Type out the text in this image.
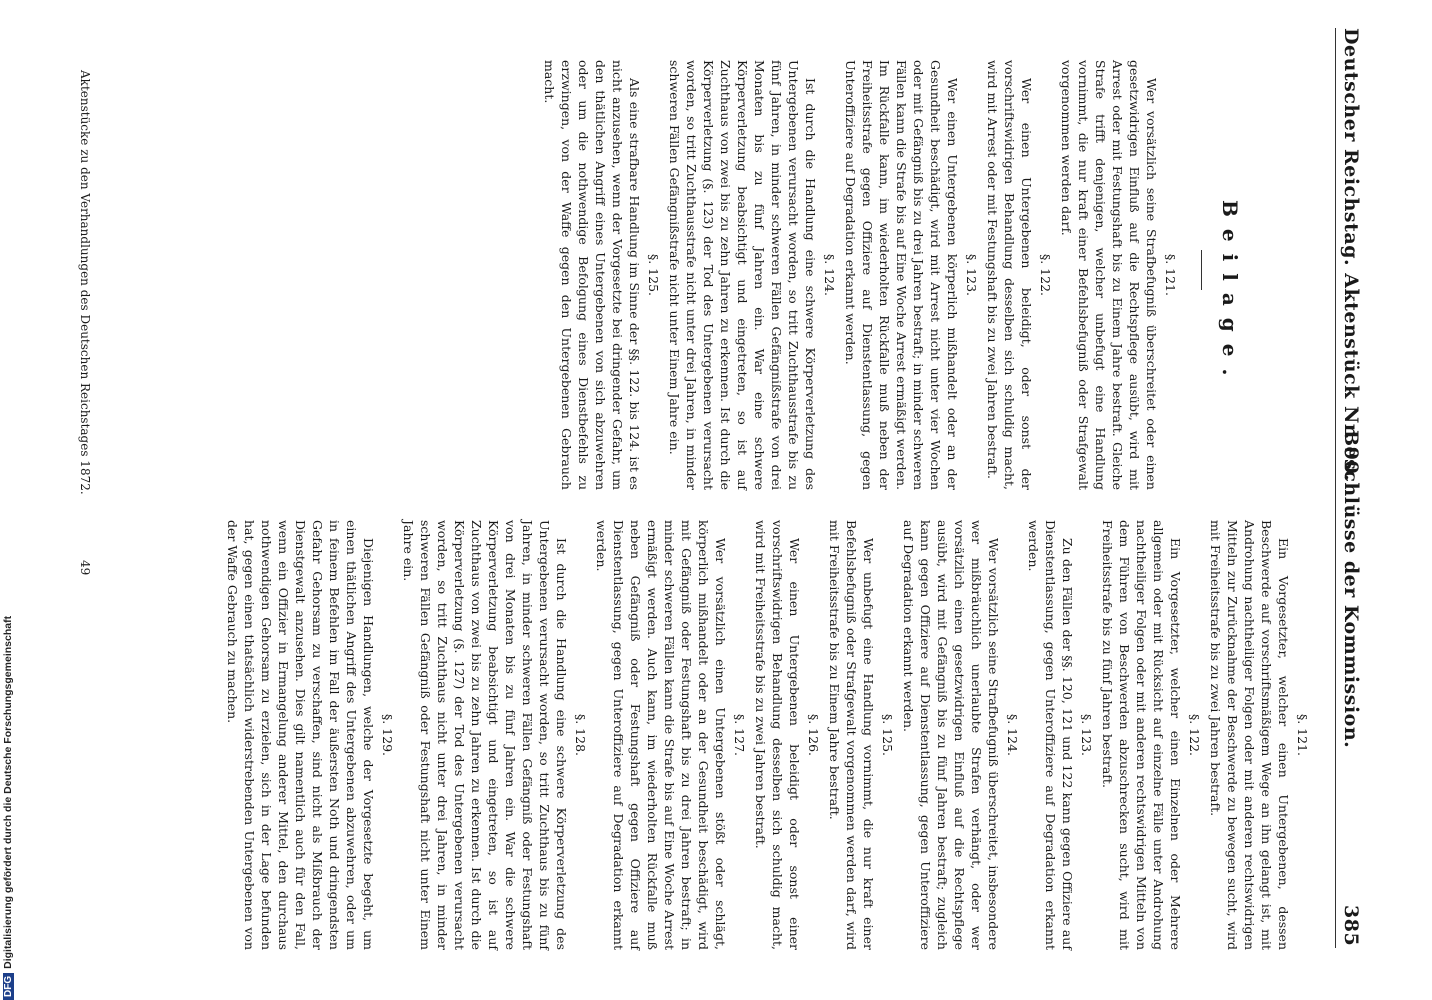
Deutscher Reichstag. Aktenstück Nr. 90.
Beschlüsse der Kommission.
385
Beilage.
§. 121.

Wer vorsätzlich seine Strafbefugniß überschreitet oder einen gesetzwidrigen Einfluß auf die Rechtspflege ausübt, wird mit Arrest oder mit Festungshaft bis zu Einem Jahre bestraft. Gleiche Strafe trifft denjenigen, welcher unbefugt eine Handlung vornimmt, die nur kraft einer Befehlsbefugniß oder Strafgewalt vorgenommen werden darf.

§. 122.

Wer einen Untergebenen beleidigt, oder sonst der vorschriftswidrigen Behandlung desselben sich schuldig macht, wird mit Arrest oder mit Festungshaft bis zu zwei Jahren bestraft.

§. 123.

Wer einen Untergebenen körperlich mißhandelt oder an der Gesundheit beschädigt, wird mit Arrest nicht unter vier Wochen oder mit Gefängniß bis zu drei Jahren bestraft; in minder schweren Fällen kann die Strafe bis auf Eine Woche Arrest ermäßigt werden. Im Rückfalle kann, im wiederholten Rückfalle muß neben der Freiheitsstrafe gegen Offiziere auf Dienstentlassung, gegen Unteroffiziere auf Degradation erkannt werden.

§. 124.

Ist durch die Handlung eine schwere Körperverletzung des Untergebenen verursacht worden, so tritt Zuchthausstrafe bis zu fünf Jahren, in minder schweren Fällen Gefängnißstrafe von drei Monaten bis zu fünf Jahren ein. War eine schwere Körperverletzung beabsichtigt und eingetreten, so ist auf Zuchthaus von zwei bis zu zehn Jahren zu erkennen. Ist durch die Körperverletzung (§. 123) der Tod des Untergebenen verursacht worden, so tritt Zuchthausstrafe nicht unter drei Jahren, in minder schweren Fällen Gefängnißstrafe nicht unter Einem Jahre ein.

§. 125.

Als eine strafbare Handlung im Sinne der §§. 122. bis 124. ist es nicht anzusehen, wenn der Vorgesetzte bei dringender Gefahr, um den thätlichen Angriff eines Untergebenen von sich abzuwehren oder um die nothwendige Befolgung eines Dienstbefehls zu erzwingen, von der Waffe gegen den Untergebenen Gebrauch macht.

§. 121.

Ein Vorgesetzter, welcher einen Untergebenen, dessen Beschwerde auf vorschriftsmäßigem Wege an ihn gelangt ist, mit Androhung nachtheiliger Folgen oder mit anderen rechtswidrigen Mitteln zur Zurücknahme der Beschwerde zu bewegen sucht, wird mit Freiheitsstrafe bis zu zwei Jahren bestraft.

§. 122.

Ein Vorgesetzter, welcher einen Einzelnen oder Mehrere allgemein oder mit Rücksicht auf einzelne Fälle unter Androhung nachtheiliger Folgen oder mit anderen rechtswidrigen Mitteln von dem Führen von Beschwerden abzuschrecken sucht, wird mit Freiheitsstrafe bis zu fünf Jahren bestraft.

§. 123.

Zu den Fällen der §§. 120, 121 und 122 kann gegen Offiziere auf Dienstentlassung, gegen Unteroffiziere auf Degradation erkannt werden.

§. 124.

Wer vorsätzlich seine Strafbefugniß überschreitet, insbesondere wer mißbräuchlich unerlaubte Strafen verhängt, oder wer vorsätzlich einen gesetzwidrigen Einfluß auf die Rechtspflege ausübt, wird mit Gefängniß bis zu fünf Jahren bestraft; zugleich kann gegen Offiziere auf Dienstentlassung, gegen Unteroffiziere auf Degradation erkannt werden.

§. 125.

Wer unbefugt eine Handlung vornimmt, die nur kraft einer Befehlsbefugniß oder Strafgewalt vorgenommen werden darf, wird mit Freiheitsstrafe bis zu Einem Jahre bestraft.

§. 126.

Wer einen Untergebenen beleidigt oder sonst einer vorschriftswidrigen Behandlung desselben sich schuldig macht, wird mit Freiheitsstrafe bis zu zwei Jahren bestraft.

§. 127.

Wer vorsätzlich einen Untergebenen stößt oder schlägt, körperlich mißhandelt oder an der Gesundheit beschädigt, wird mit Gefängniß oder Festungshaft bis zu drei Jahren bestraft; in minder schweren Fällen kann die Strafe bis auf Eine Woche Arrest ermäßigt werden. Auch kann, im wiederholten Rückfalle muß neben Gefängniß oder Festungshaft gegen Offiziere auf Dienstentlassung, gegen Unteroffiziere auf Degradation erkannt werden.

§. 128.

Ist durch die Handlung eine schwere Körperverletzung des Untergebenen verursacht worden, so tritt Zuchthaus bis zu fünf Jahren, in minder schweren Fällen Gefängniß oder Festungshaft von drei Monaten bis zu fünf Jahren ein. War die schwere Körperverletzung beabsichtigt und eingetreten, so ist auf Zuchthaus von zwei bis zu zehn Jahren zu erkennen. Ist durch die Körperverletzung (§. 127) der Tod des Untergebenen verursacht worden, so tritt Zuchthaus nicht unter drei Jahren, in minder schweren Fällen Gefängniß oder Festungshaft nicht unter Einem Jahre ein.

§. 129.

Diejenigen Handlungen, welche der Vorgesetzte begeht, um einen thätlichen Angriff des Untergebenen abzuwehren, oder um in feinem Befehlen im Fall der äußersten Noth und dringendsten Gefahr Gehorsam zu verschaffen, sind nicht als Mißbrauch der Dienstgewalt anzusehen. Dies gilt namentlich auch für den Fall, wenn ein Offizier in Ermangelung anderer Mittel, den durchaus nothwendigen Gehorsam zu erzielen, sich in der Lage befunden hat, gegen einen thatsächlich widerstrebenden Untergebenen von der Waffe Gebrauch zu machen.

Aktenstücke zu den Verhandlungen des Deutschen Reichstages 1872.
49
DFGDigitalisierung gefördert durch die Deutsche Forschungsgemeinschaft
